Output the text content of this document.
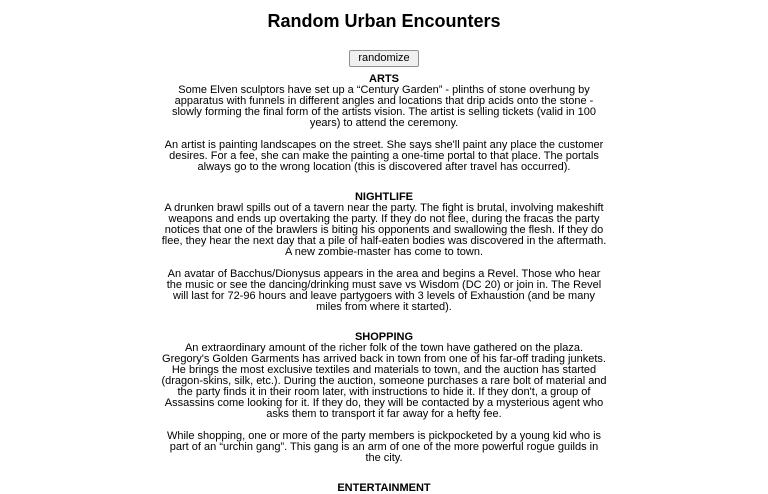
Random Urban Encounters
randomize
ARTS

Some Elven sculptors have set up a “Century Garden” - plinths of stone overhung by apparatus with funnels in different angles and locations that drip acids onto the stone - slowly forming the final form of the artists vision. The artist is selling tickets (valid in 100 years) to attend the ceremony.

An artist is painting landscapes on the street. She says she'll paint any place the customer desires. For a fee, she can make the painting a one-time portal to that place. The portals always go to the wrong location (this is discovered after travel has occurred).

NIGHTLIFE

A drunken brawl spills out of a tavern near the party. The fight is brutal, involving makeshift weapons and ends up overtaking the party. If they do not flee, during the fracas the party notices that one of the brawlers is biting his opponents and swallowing the flesh. If they do flee, they hear the next day that a pile of half-eaten bodies was discovered in the aftermath. A new zombie-master has come to town.

An avatar of Bacchus/Dionysus appears in the area and begins a Revel. Those who hear the music or see the dancing/drinking must save vs Wisdom (DC 20) or join in. The Revel will last for 72-96 hours and leave partygoers with 3 levels of Exhaustion (and be many miles from where it started).

SHOPPING

An extraordinary amount of the richer folk of the town have gathered on the plaza. Gregory's Golden Garments has arrived back in town from one of his far-off trading junkets. He brings the most exclusive textiles and materials to town, and the auction has started (dragon-skins, silk, etc.). During the auction, someone purchases a rare bolt of material and the party finds it in their room later, with instructions to hide it. If they don't, a group of Assassins come looking for it. If they do, they will be contacted by a mysterious agent who asks them to transport it far away for a hefty fee.

While shopping, one or more of the party members is pickpocketed by a young kid who is part of an “urchin gang”. This gang is an arm of one of the more powerful rogue guilds in the city.

ENTERTAINMENT
